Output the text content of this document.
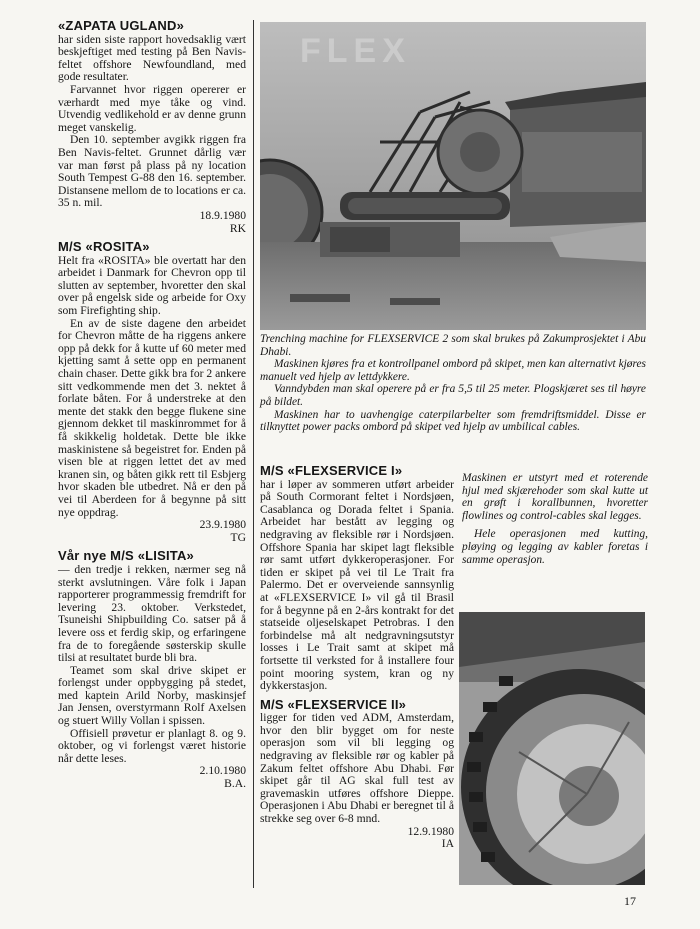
«ZAPATA UGLAND»

har siden siste rapport hovedsaklig vært beskjeftiget med testing på Ben Navis-feltet offshore Newfoundland, med gode resultater.

Farvannet hvor riggen opererer er værhardt med mye tåke og vind. Utvendig vedlikehold er av denne grunn meget vanskelig.

Den 10. september avgikk riggen fra Ben Navis-feltet. Grunnet dårlig vær var man først på plass på ny location South Tempest G-88 den 16. september. Distansene mellom de to locations er ca. 35 n. mil.

18.9.1980
RK
M/S «ROSITA»

Helt fra «ROSITA» ble overtatt har den arbeidet i Danmark for Chevron opp til slutten av september, hvoretter den skal over på engelsk side og arbeide for Oxy som Firefighting ship.

En av de siste dagene den arbeidet for Chevron måtte de ha riggens ankere opp på dekk for å kutte uf 60 meter med kjetting samt å sette opp en permanent chain chaser. Dette gikk bra for 2 ankere sitt vedkommende men det 3. nektet å forlate båten. For å understreke at den mente det stakk den begge flukene sine gjennom dekket til maskinrommet for å få skikkelig holdetak. Dette ble ikke maskinistene så begeistret for. Enden på visen ble at riggen lettet det av med kranen sin, og båten gikk rett til Esbjerg hvor skaden ble utbedret. Nå er den på vei til Aberdeen for å begynne på sitt nye oppdrag.

23.9.1980
TG
Vår nye M/S «LISITA»

— den tredje i rekken, nærmer seg nå sterkt avslutningen. Våre folk i Japan rapporterer programmessig fremdrift for levering 23. oktober. Verkstedet, Tsuneishi Shipbuilding Co. satser på å levere oss et ferdig skip, og erfaringene fra de to foregående søsterskip skulle tilsi at resultatet burde bli bra.

Teamet som skal drive skipet er forlengst under oppbygging på stedet, med kaptein Arild Norby, maskinsjef Jan Jensen, overstyrmann Rolf Axelsen og stuert Willy Vollan i spissen.

Offisiell prøvetur er planlagt 8. og 9. oktober, og vi forlengst været historie når dette leses.

2.10.1980
B.A.
FLEX

Trenching machine for FLEXSERVICE 2 som skal brukes på Zakumprosjektet i Abu Dhabi.

Maskinen kjøres fra et kontrollpanel ombord på skipet, men kan alternativt kjøres manuelt ved hjelp av lettdykkere.

Vanndybden man skal operere på er fra 5,5 til 25 meter. Plogskjæret ses til høyre på bildet.

Maskinen har to uavhengige caterpilarbelter som fremdriftsmiddel. Disse er tilknyttet power packs ombord på skipet ved hjelp av umbilical cables.

M/S «FLEXSERVICE I»

har i løper av sommeren utført arbeider på South Cormorant feltet i Nordsjøen, Casablanca og Dorada feltet i Spania. Arbeidet har bestått av legging og nedgraving av fleksible rør i Nordsjøen. Offshore Spania har skipet lagt fleksible rør samt utført dykkeroperasjoner. For tiden er skipet på vei til Le Trait fra Palermo. Det er overveiende sannsynlig at «FLEXSERVICE I» vil gå til Brasil for å begynne på en 2-års kontrakt for det statseide oljeselskapet Petrobras. I den forbindelse må alt nedgravningsutstyr losses i Le Trait samt at skipet må fortsette til verksted for å installere four point mooring system, kran og ny dykkerstasjon.

M/S «FLEXSERVICE II»

ligger for tiden ved ADM, Amsterdam, hvor den blir bygget om for neste operasjon som vil bli legging og nedgraving av fleksible rør og kabler på Zakum feltet offshore Abu Dhabi. Før skipet går til AG skal full test av gravemaskin utføres offshore Dieppe. Operasjonen i Abu Dhabi er beregnet til å strekke seg over 6-8 mnd.

12.9.1980
IA

Maskinen er utstyrt med et roterende hjul med skjærehoder som skal kutte ut en grøft i korallbunnen, hvoretter flowlines og control-cables skal legges.

Hele operasjonen med kutting, pløying og legging av kabler foretas i samme operasjon.

17
